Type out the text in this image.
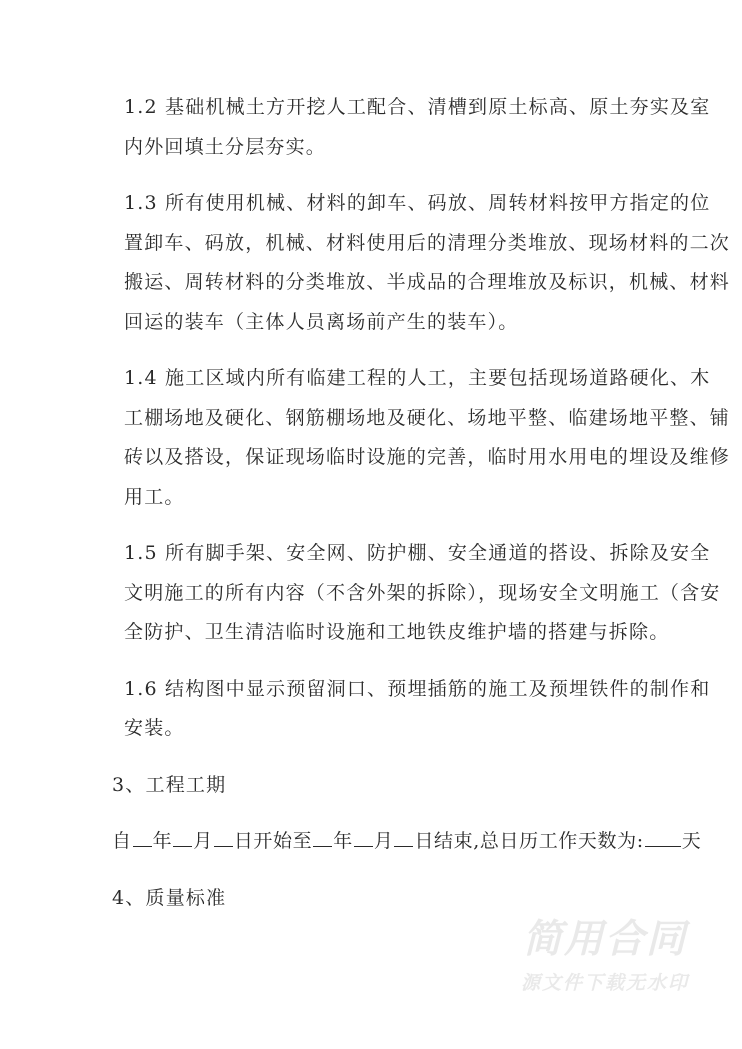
1.2 基础机械土方开挖人工配合、清槽到原土标高、原土夯实及室
内外回填土分层夯实。
1.3 所有使用机械、材料的卸车、码放、周转材料按甲方指定的位
置卸车、码放，机械、材料使用后的清理分类堆放、现场材料的二次
搬运、周转材料的分类堆放、半成品的合理堆放及标识，机械、材料
回运的装车（主体人员离场前产生的装车）。
1.4 施工区域内所有临建工程的人工，主要包括现场道路硬化、木
工棚场地及硬化、钢筋棚场地及硬化、场地平整、临建场地平整、铺
砖以及搭设，保证现场临时设施的完善，临时用水用电的埋设及维修
用工。
1.5 所有脚手架、安全网、防护棚、安全通道的搭设、拆除及安全
文明施工的所有内容（不含外架的拆除），现场安全文明施工（含安
全防护、卫生清洁临时设施和工地铁皮维护墙的搭建与拆除。
1.6 结构图中显示预留洞口、预埋插筋的施工及预埋铁件的制作和
安装。
3、工程工期
自 年 月 日开始至 年 月 日结束,总日历工作天数为: 天
4、质量标准
简用合同
源文件下载无水印
